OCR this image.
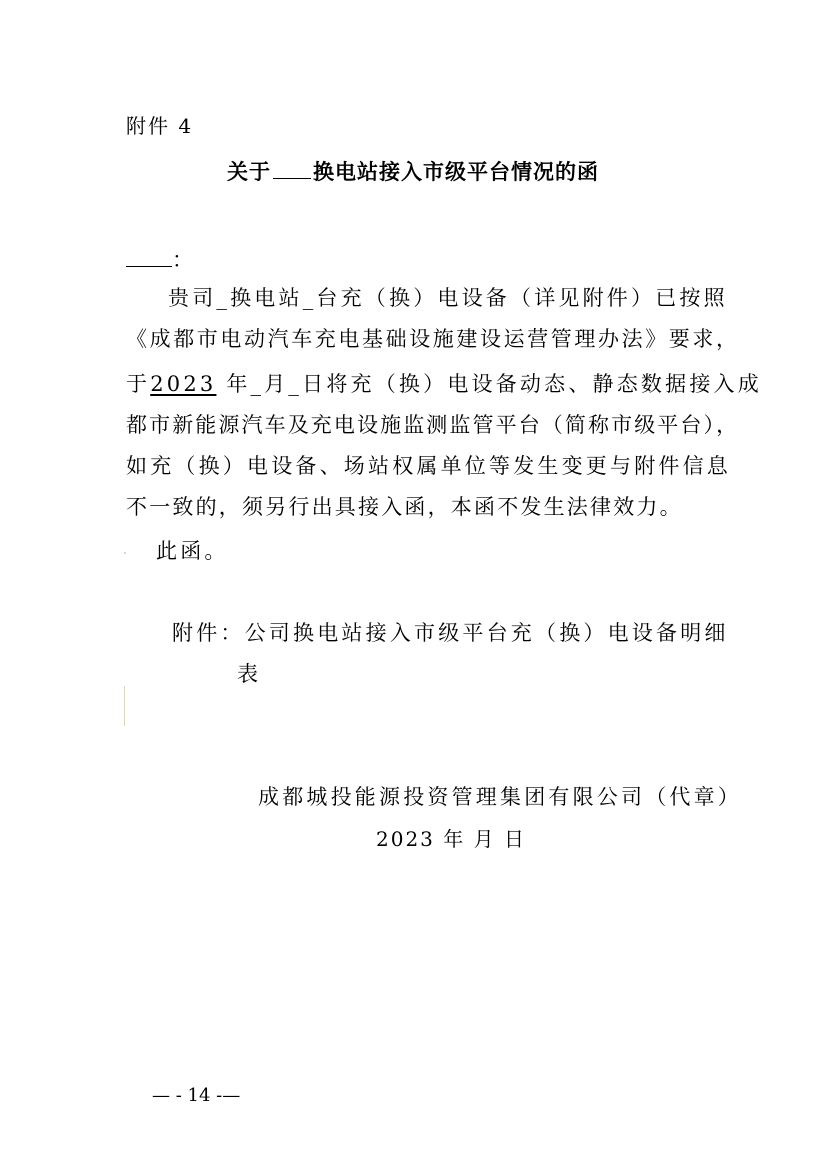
附件 4
关于 换电站接入市级平台情况的函
：
贵司_换电站_台充（换）电设备（详见附件）已按照
《成都市电动汽车充电基础设施建设运营管理办法》要求，
于2023 年_月_日将充（换）电设备动态、静态数据接入成
都市新能源汽车及充电设施监测监管平台（简称市级平台），
如充（换）电设备、场站权属单位等发生变更与附件信息
不一致的，须另行出具接入函，本函不发生法律效力。
此函。
附件：公司换电站接入市级平台充（换）电设备明细
表
成都城投能源投资管理集团有限公司（代章）
2023 年 月 日
— - 14 -—
